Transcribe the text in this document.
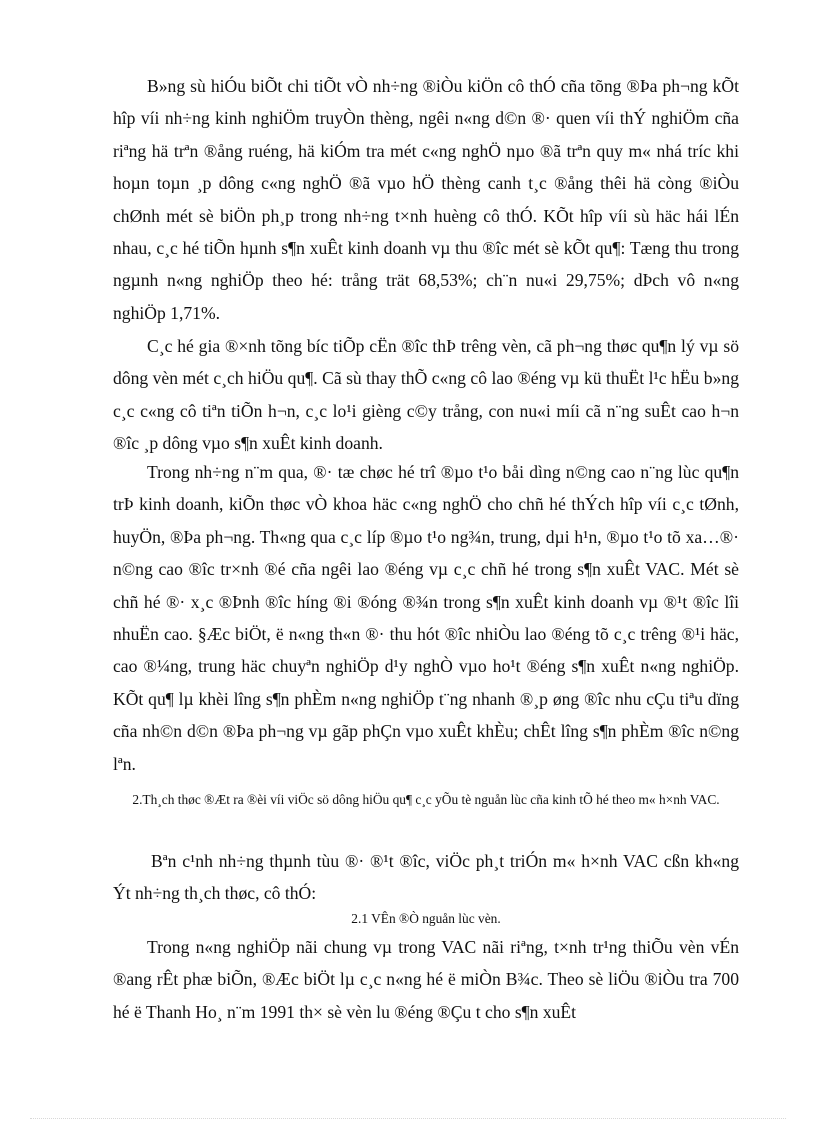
B»ng sù hiÓu biÕt chi tiÕt vÒ nh÷ng ®iÒu kiÖn cô thÓ cña tõng ®Þa ph¬ng kÕt hîp víi nh÷ng kinh nghiÖm truyÒn thèng, ngêi n«ng d©n ®· quen víi thÝ nghiÖm cña riªng hä trªn ®ång ruéng, hä kiÓm tra mét c«ng nghÖ nµo ®ã trªn quy m« nhá tríc khi hoµn toµn ¸p dông c«ng nghÖ ®ã vµo hÖ thèng canh t¸c ®ång thêi hä còng ®iÒu chØnh mét sè biÖn ph¸p trong nh÷ng t×nh huèng cô thÓ. KÕt hîp víi sù häc hái lÉn nhau, c¸c hé tiÕn hµnh s¶n xuÊt kinh doanh vµ thu ®îc mét sè kÕt qu¶: Tæng thu trong ngµnh n«ng nghiÖp theo hé: trång trät 68,53%; ch¨n nu«i 29,75%; dÞch vô n«ng nghiÖp 1,71%.

C¸c hé gia ®×nh tõng bíc tiÕp cËn ®îc thÞ trêng vèn, cã ph¬ng thøc qu¶n lý vµ sö dông vèn mét c¸ch hiÖu qu¶. Cã sù thay thÕ c«ng cô lao ®éng vµ kü thuËt l¹c hËu b»ng c¸c c«ng cô tiªn tiÕn h¬n, c¸c lo¹i gièng c©y trång, con nu«i míi cã n¨ng suÊt cao h¬n ®îc ¸p dông vµo s¶n xuÊt kinh doanh.

Trong nh÷ng n¨m qua, ®· tæ chøc hé trî ®µo t¹o båi dìng n©ng cao n¨ng lùc qu¶n trÞ kinh doanh, kiÕn thøc vÒ khoa häc c«ng nghÖ cho chñ hé thÝch hîp víi c¸c tØnh, huyÖn, ®Þa ph¬ng. Th«ng qua c¸c líp ®µo t¹o ng¾n, trung, dµi h¹n, ®µo t¹o tõ xa…®· n©ng cao ®îc tr×nh ®é cña ngêi lao ®éng vµ c¸c chñ hé trong s¶n xuÊt VAC. Mét sè chñ hé ®· x¸c ®Þnh ®îc híng ®i ®óng ®¾n trong s¶n xuÊt kinh doanh vµ ®¹t ®îc lîi nhuËn cao. §Æc biÖt, ë n«ng th«n ®· thu hót ®îc nhiÒu lao ®éng tõ c¸c trêng ®¹i häc, cao ®¼ng, trung häc chuyªn nghiÖp d¹y nghÒ vµo ho¹t ®éng s¶n xuÊt n«ng nghiÖp. KÕt qu¶ lµ khèi lîng s¶n phÈm n«ng nghiÖp t¨ng nhanh ®¸p øng ®îc nhu cÇu tiªu dïng cña nh©n d©n ®Þa ph¬ng vµ gãp phÇn vµo xuÊt khÈu; chÊt lîng s¶n phÈm ®îc n©ng lªn.

2.Th¸ch thøc ®Æt ra ®èi víi viÖc sö dông hiÖu qu¶ c¸c yÕu tè nguån lùc cña kinh tÕ hé theo m« h×nh VAC.

Bªn c¹nh nh÷ng thµnh tùu ®· ®¹t ®îc, viÖc ph¸t triÓn m« h×nh VAC cßn kh«ng Ýt nh÷ng th¸ch thøc, cô thÓ:

2.1 VÊn ®Ò nguån lùc vèn.

Trong n«ng nghiÖp nãi chung vµ trong VAC nãi riªng, t×nh tr¹ng thiÕu vèn vÉn ®ang rÊt phæ biÕn, ®Æc biÖt lµ c¸c n«ng hé ë miÒn B¾c. Theo sè liÖu ®iÒu tra 700 hé ë Thanh Ho¸ n¨m 1991 th× sè vèn lu ®éng ®Çu t cho s¶n xuÊt
